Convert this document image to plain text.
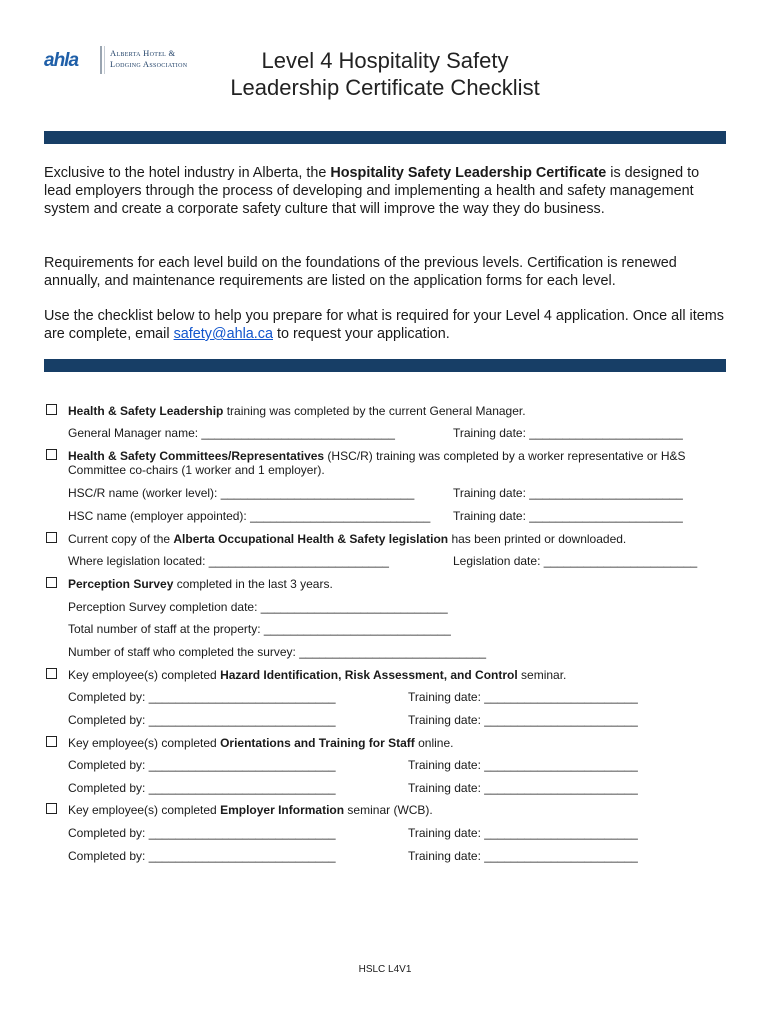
ahla	Alberta Hotel &
Lodging Association	Level 4 Hospitality Safety
Leadership Certificate Checklist

Exclusive to the hotel industry in Alberta, the Hospitality Safety Leadership Certificate is designed to lead employers through the process of developing and implementing a health and safety management system and create a corporate safety culture that will improve the way they do business.

Requirements for each level build on the foundations of the previous levels. Certification is renewed annually, and maintenance requirements are listed on the application forms for each level.

Use the checklist below to help you prepare for what is required for your Level 4 application. Once all items are complete, email safety@ahla.ca to request your application.

Health & Safety Leadership training was completed by the current General Manager.
General Manager name: _____________________________	Training date: _______________________
Health & Safety Committees/Representatives (HSC/R) training was completed by a worker representative or H&S Committee co-chairs (1 worker and 1 employer).
HSC/R name (worker level): _____________________________	Training date: _______________________
HSC name (employer appointed): ___________________________ Training date: _______________________
Current copy of the Alberta Occupational Health & Safety legislation has been printed or downloaded.
Where legislation located: ___________________________	Legislation date: _______________________
Perception Survey completed in the last 3 years.
Perception Survey completion date: ____________________________
Total number of staff at the property: ____________________________
Number of staff who completed the survey: ____________________________
Key employee(s) completed Hazard Identification, Risk Assessment, and Control seminar.
Completed by: ____________________________	Training date: _______________________
Completed by: ____________________________	Training date: _______________________
Key employee(s) completed Orientations and Training for Staff online.
Completed by: ____________________________	Training date: _______________________
Completed by: ____________________________	Training date: _______________________
Key employee(s) completed Employer Information seminar (WCB).
Completed by: ____________________________	Training date: _______________________
Completed by: ____________________________	Training date: _______________________
HSLC L4V1
